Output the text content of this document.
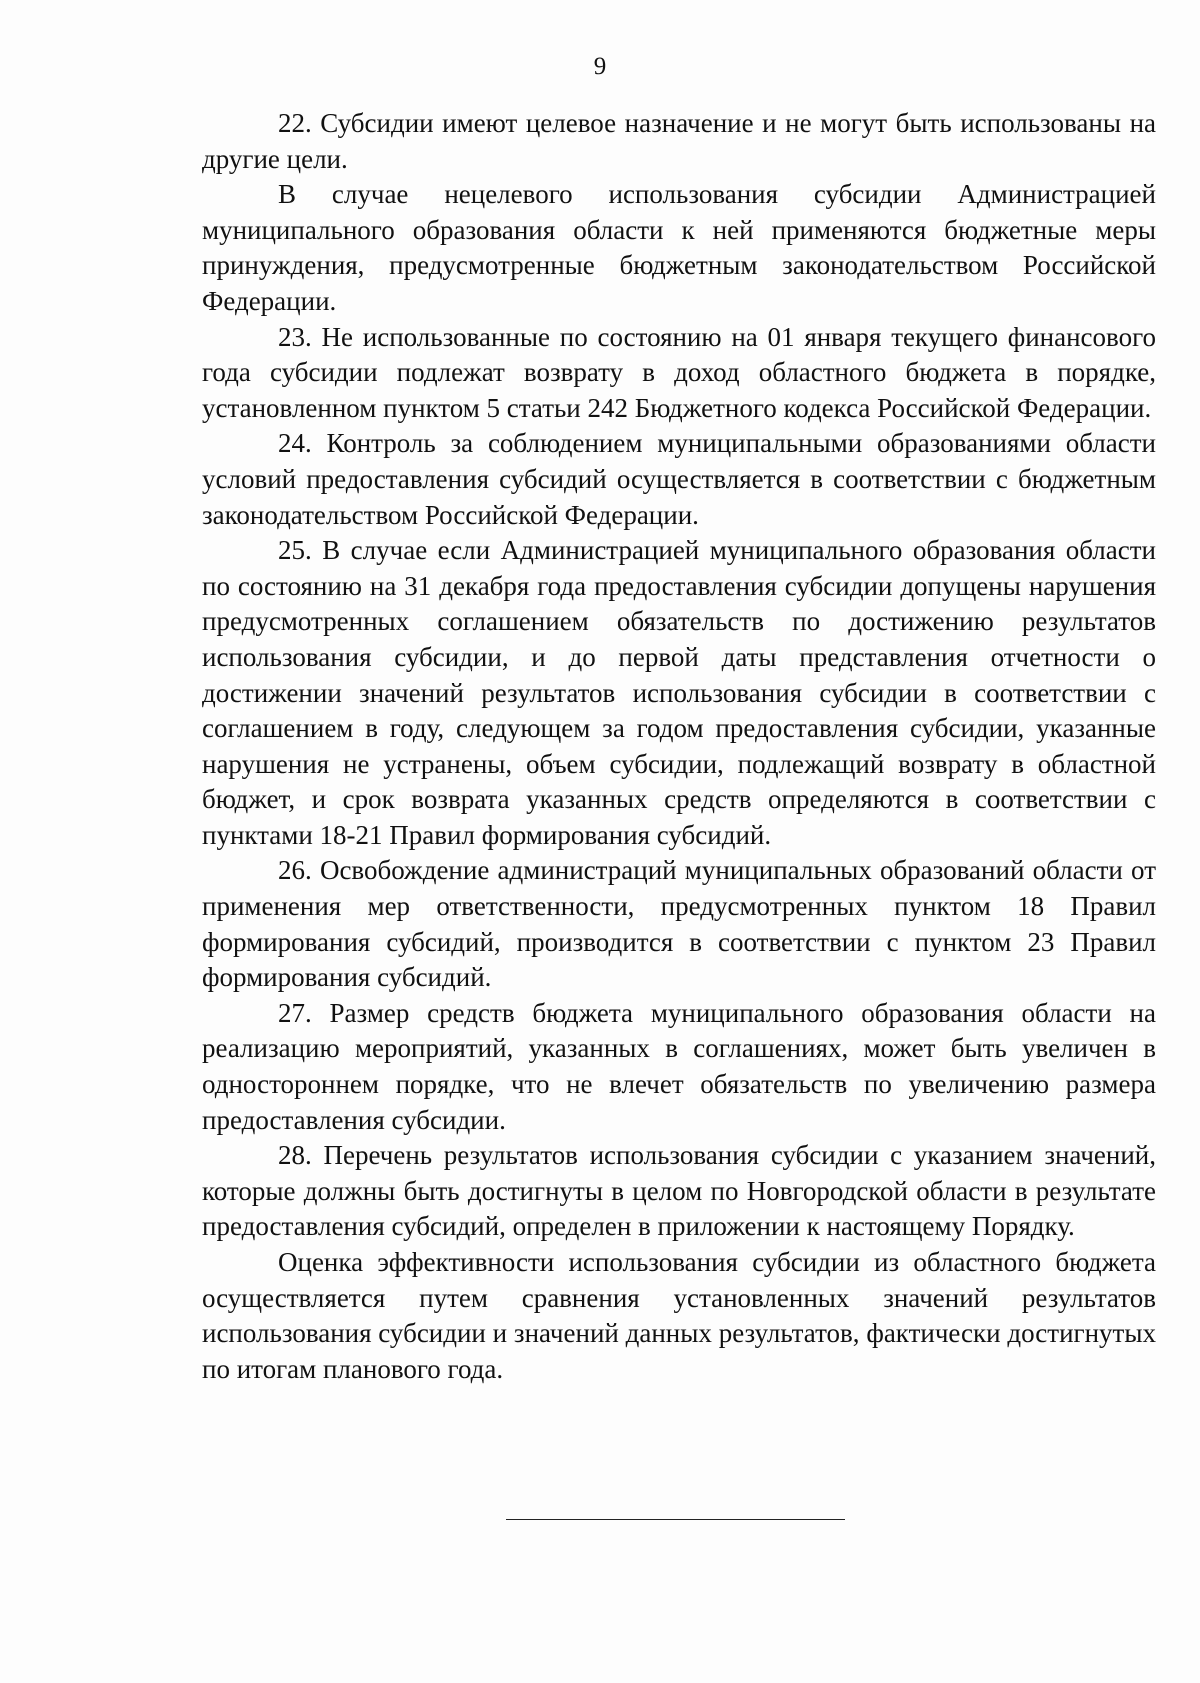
9

22. Субсидии имеют целевое назначение и не могут быть использованы на другие цели.

В случае нецелевого использования субсидии Администрацией муниципального образования области к ней применяются бюджетные меры принуждения, предусмотренные бюджетным законодательством Российской Федерации.

23. Не использованные по состоянию на 01 января текущего финансового года субсидии подлежат возврату в доход областного бюджета в порядке, установленном пунктом 5 статьи 242 Бюджетного кодекса Российской Федерации.

24. Контроль за соблюдением муниципальными образованиями области условий предоставления субсидий осуществляется в соответствии с бюджетным законодательством Российской Федерации.

25. В случае если Администрацией муниципального образования области по состоянию на 31 декабря года предоставления субсидии допущены нарушения предусмотренных соглашением обязательств по достижению результатов использования субсидии, и до первой даты представления отчетности о достижении значений результатов использования субсидии в соответствии с соглашением в году, следующем за годом предоставления субсидии, указанные нарушения не устранены, объем субсидии, подлежащий возврату в областной бюджет, и срок возврата указанных средств определяются в соответствии с пунктами 18-21 Правил формирования субсидий.

26. Освобождение администраций муниципальных образований области от применения мер ответственности, предусмотренных пунктом 18 Правил формирования субсидий, производится в соответствии с пунктом 23 Правил формирования субсидий.

27. Размер средств бюджета муниципального образования области на реализацию мероприятий, указанных в соглашениях, может быть увеличен в одностороннем порядке, что не влечет обязательств по увеличению размера предоставления субсидии.

28. Перечень результатов использования субсидии с указанием значений, которые должны быть достигнуты в целом по Новгородской области в результате предоставления субсидий, определен в приложении к настоящему Порядку.

Оценка эффективности использования субсидии из областного бюджета осуществляется путем сравнения установленных значений результатов использования субсидии и значений данных результатов, фактически достигнутых по итогам планового года.
